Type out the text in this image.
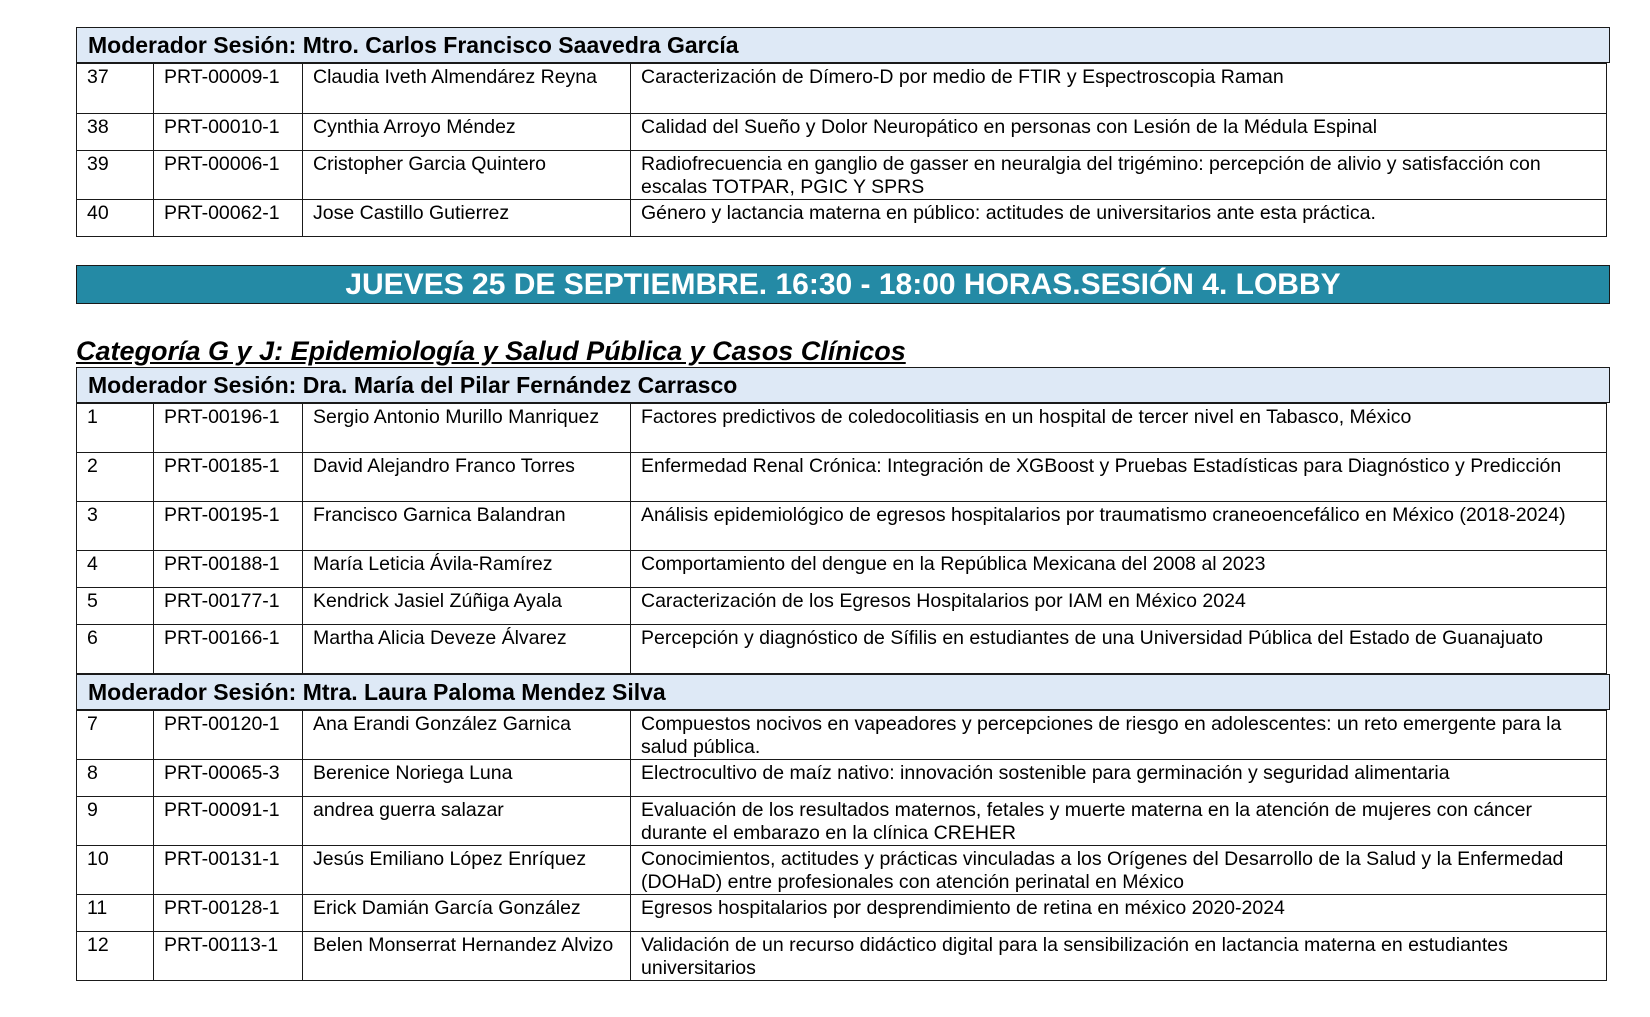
Moderador Sesión: Mtro. Carlos Francisco Saavedra García
37	PRT-00009-1	Claudia Iveth Almendárez Reyna	Caracterización de Dímero-D por medio de FTIR y Espectroscopia Raman
38	PRT-00010-1	Cynthia Arroyo Méndez	Calidad del Sueño y Dolor Neuropático en personas con Lesión de la Médula Espinal
39	PRT-00006-1	Cristopher Garcia Quintero	Radiofrecuencia en ganglio de gasser en neuralgia del trigémino: percepción de alivio y satisfacción con escalas TOTPAR, PGIC Y SPRS
40	PRT-00062-1	Jose Castillo Gutierrez	Género y lactancia materna en público: actitudes de universitarios ante esta práctica.
JUEVES 25 DE SEPTIEMBRE. 16:30 - 18:00 HORAS.SESIÓN 4. LOBBY
Categoría G y J: Epidemiología y Salud Pública y Casos Clínicos
Moderador Sesión: Dra. María del Pilar Fernández Carrasco
1	PRT-00196-1	Sergio Antonio Murillo Manriquez	Factores predictivos de coledocolitiasis en un hospital de tercer nivel en Tabasco, México
2	PRT-00185-1	David Alejandro Franco Torres	Enfermedad Renal Crónica: Integración de XGBoost y Pruebas Estadísticas para Diagnóstico y Predicción
3	PRT-00195-1	Francisco Garnica Balandran	Análisis epidemiológico de egresos hospitalarios por traumatismo craneoencefálico en México (2018-2024)
4	PRT-00188-1	María Leticia Ávila-Ramírez	Comportamiento del dengue en la República Mexicana del 2008 al 2023
5	PRT-00177-1	Kendrick Jasiel Zúñiga Ayala	Caracterización de los Egresos Hospitalarios por IAM en México 2024
6	PRT-00166-1	Martha Alicia Deveze Álvarez	Percepción y diagnóstico de Sífilis en estudiantes de una Universidad Pública del Estado de Guanajuato
Moderador Sesión: Mtra. Laura Paloma Mendez Silva
7	PRT-00120-1	Ana Erandi González Garnica	Compuestos nocivos en vapeadores y percepciones de riesgo en adolescentes: un reto emergente para la salud pública.
8	PRT-00065-3	Berenice Noriega Luna	Electrocultivo de maíz nativo: innovación sostenible para germinación y seguridad alimentaria
9	PRT-00091-1	andrea guerra salazar	Evaluación de los resultados maternos, fetales y muerte materna en la atención de mujeres con cáncer durante el embarazo en la clínica CREHER
10	PRT-00131-1	Jesús Emiliano López Enríquez	Conocimientos, actitudes y prácticas vinculadas a los Orígenes del Desarrollo de la Salud y la Enfermedad (DOHaD) entre profesionales con atención perinatal en México
11	PRT-00128-1	Erick Damián García González	Egresos hospitalarios por desprendimiento de retina en méxico 2020-2024
12	PRT-00113-1	Belen Monserrat Hernandez Alvizo	Validación de un recurso didáctico digital para la sensibilización en lactancia materna en estudiantes universitarios
